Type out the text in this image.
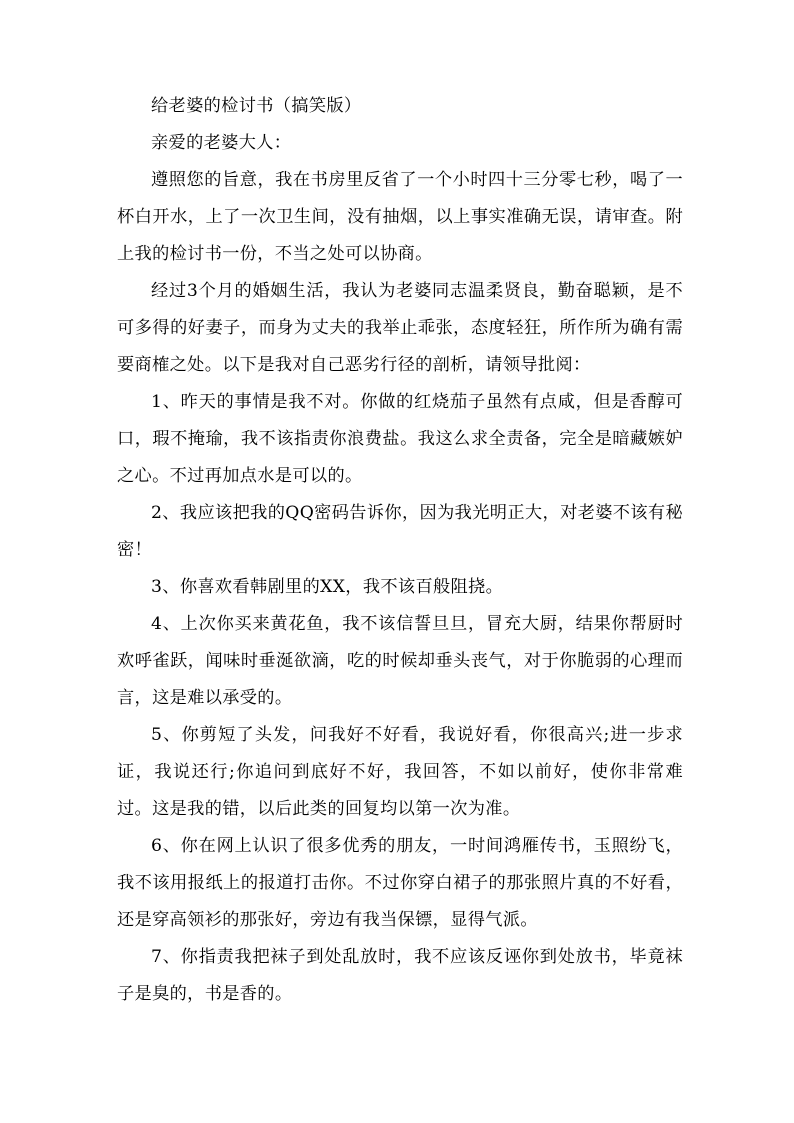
给老婆的检讨书（搞笑版）

亲爱的老婆大人：

遵照您的旨意，我在书房里反省了一个小时四十三分零七秒，喝了一杯白开水，上了一次卫生间，没有抽烟，以上事实准确无误，请审查。附上我的检讨书一份，不当之处可以协商。

经过3个月的婚姻生活，我认为老婆同志温柔贤良，勤奋聪颖，是不可多得的好妻子，而身为丈夫的我举止乖张，态度轻狂，所作所为确有需要商榷之处。以下是我对自己恶劣行径的剖析，请领导批阅：

1、昨天的事情是我不对。你做的红烧茄子虽然有点咸，但是香醇可口，瑕不掩瑜，我不该指责你浪费盐。我这么求全责备，完全是暗藏嫉妒之心。不过再加点水是可以的。

2、我应该把我的QQ密码告诉你，因为我光明正大，对老婆不该有秘密！

3、你喜欢看韩剧里的XX，我不该百般阻挠。

4、上次你买来黄花鱼，我不该信誓旦旦，冒充大厨，结果你帮厨时欢呼雀跃，闻味时垂涎欲滴，吃的时候却垂头丧气，对于你脆弱的心理而言，这是难以承受的。

5、你剪短了头发，问我好不好看，我说好看，你很高兴;进一步求证，我说还行;你追问到底好不好，我回答，不如以前好，使你非常难过。这是我的错，以后此类的回复均以第一次为准。

6、你在网上认识了很多优秀的朋友，一时间鸿雁传书，玉照纷飞，我不该用报纸上的报道打击你。不过你穿白裙子的那张照片真的不好看，还是穿高领衫的那张好，旁边有我当保镖，显得气派。

7、你指责我把袜子到处乱放时，我不应该反诬你到处放书，毕竟袜子是臭的，书是香的。
